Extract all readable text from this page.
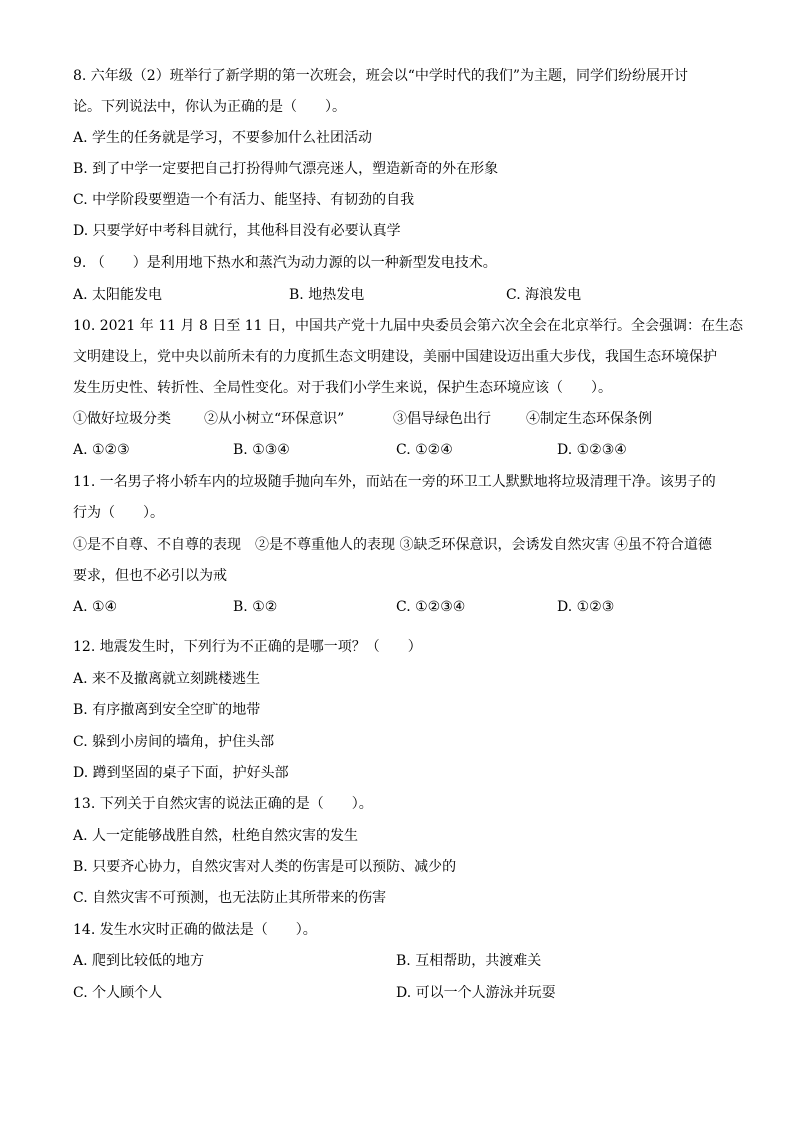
8. 六年级（2）班举行了新学期的第一次班会，班会以“中学时代的我们”为主题，同学们纷纷展开讨
论。下列说法中，你认为正确的是（　　）。
A. 学生的任务就是学习，不要参加什么社团活动
B. 到了中学一定要把自己打扮得帅气漂亮迷人，塑造新奇的外在形象
C. 中学阶段要塑造一个有活力、能坚持、有韧劲的自我
D. 只要学好中考科目就行，其他科目没有必要认真学
9. （　　）是利用地下热水和蒸汽为动力源的以一种新型发电技术。
A. 太阳能发电	B. 地热发电	C. 海浪发电
10. 2021 年 11 月 8 日至 11 日，中国共产党十九届中央委员会第六次全会在北京举行。全会强调：在生态
文明建设上，党中央以前所未有的力度抓生态文明建设，美丽中国建设迈出重大步伐，我国生态环境保护
发生历史性、转折性、全局性变化。对于我们小学生来说，保护生态环境应该（　　）。
①做好垃圾分类 ②从小树立“环保意识”	③倡导绿色出行	④制定生态环保条例
A. ①②③	B. ①③④	C. ①②④	D. ①②③④
11. 一名男子将小轿车内的垃圾随手抛向车外，而站在一旁的环卫工人默默地将垃圾清理干净。该男子的
行为（　　）。
①是不自尊、不自尊的表现　②是不尊重他人的表现 ③缺乏环保意识，会诱发自然灾害 ④虽不符合道德
要求，但也不必引以为戒
A. ①④	B. ①②	C. ①②③④	D. ①②③
12. 地震发生时，下列行为不正确的是哪一项？（　　）
A. 来不及撤离就立刻跳楼逃生
B. 有序撤离到安全空旷的地带
C. 躲到小房间的墙角，护住头部
D. 蹲到坚固的桌子下面，护好头部
13. 下列关于自然灾害的说法正确的是（　　）。
A. 人一定能够战胜自然，杜绝自然灾害的发生
B. 只要齐心协力，自然灾害对人类的伤害是可以预防、减少的
C. 自然灾害不可预测，也无法防止其所带来的伤害
14. 发生水灾时正确的做法是（　　）。
A. 爬到比较低的地方	B. 互相帮助，共渡难关
C. 个人顾个人	D. 可以一个人游泳并玩耍
